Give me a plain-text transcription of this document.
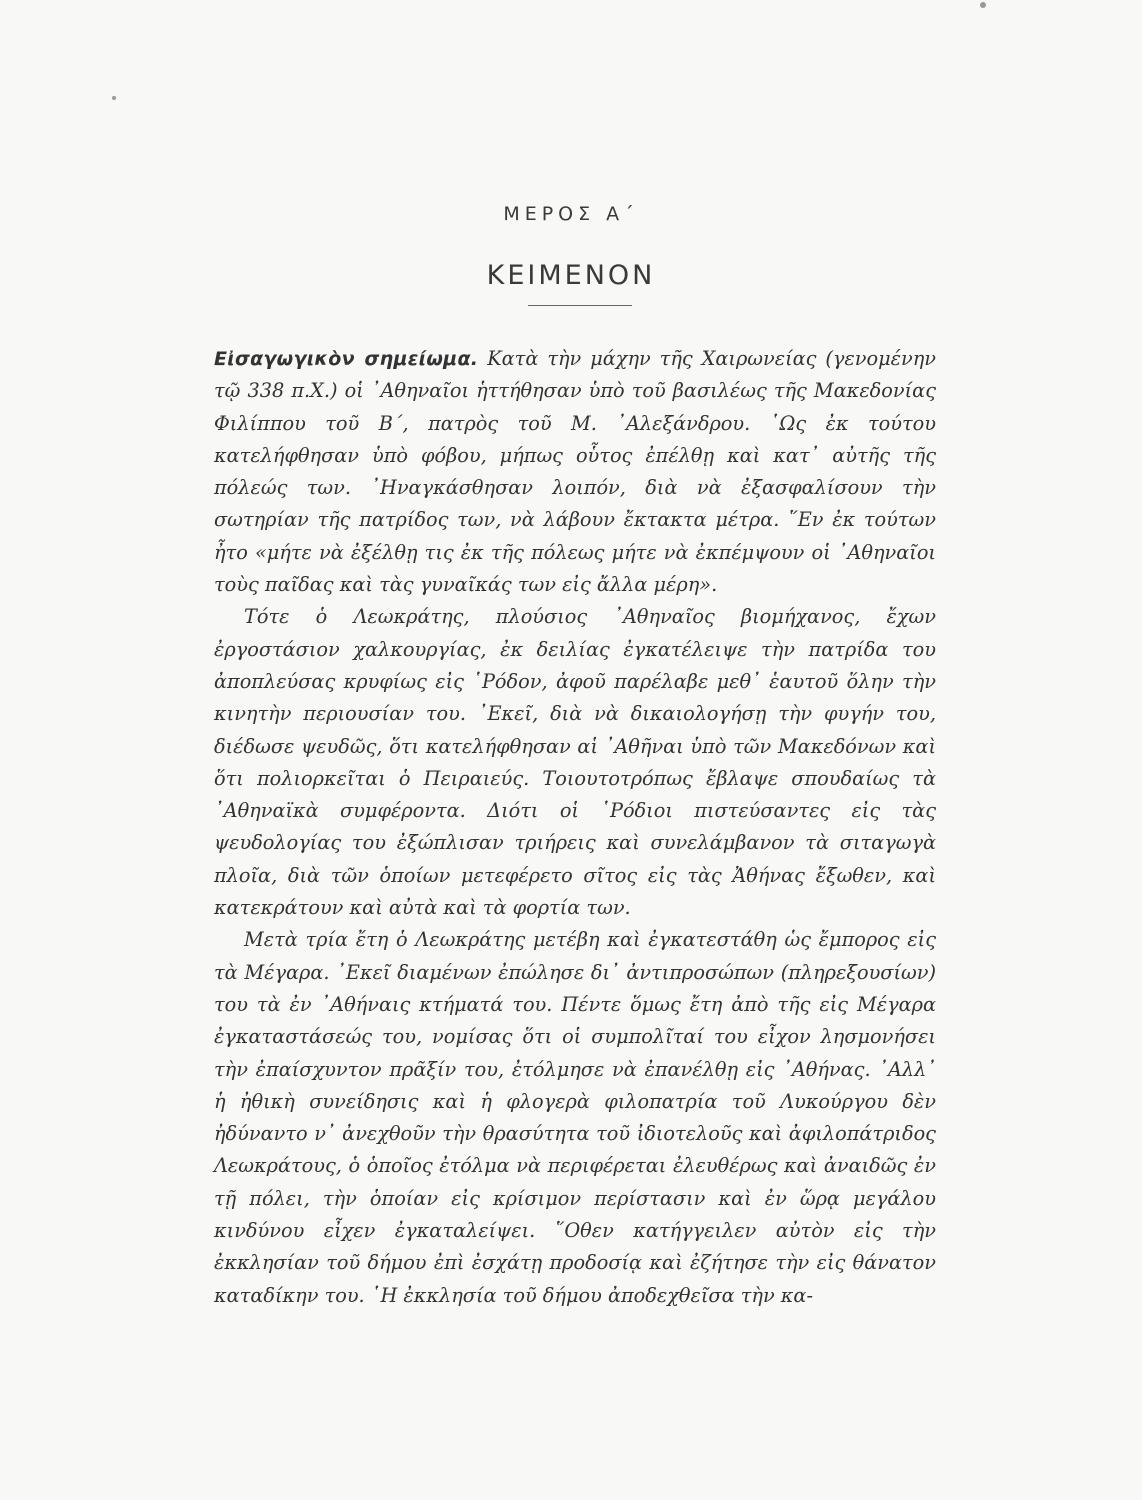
ΜΕΡΟΣ Α΄
ΚΕΙΜΕΝΟΝ

Εἰσαγωγικὸν σημείωμα. Κατὰ τὴν μάχην τῆς Χαιρωνείας (γενομένην τῷ 338 π.Χ.) οἱ ᾿Αθηναῖοι ἡττήθησαν ὑπὸ τοῦ βασιλέως τῆς Μακεδονίας Φιλίππου τοῦ Β΄, πατρὸς τοῦ Μ. ᾿Αλεξάνδρου. ῾Ως ἐκ τούτου κατελήφθησαν ὑπὸ φόβου, μήπως οὗτος ἐπέλθῃ καὶ κατ᾿ αὐτῆς τῆς πόλεώς των. ᾿Ηναγκάσθησαν λοιπόν, διὰ νὰ ἐξασφαλίσουν τὴν σωτηρίαν τῆς πατρίδος των, νὰ λάβουν ἔκτακτα μέτρα. ῞Εν ἐκ τούτων ἦτο «μήτε νὰ ἐξέλθῃ τις ἐκ τῆς πόλεως μήτε νὰ ἐκπέμψουν οἱ ᾿Αθηναῖοι τοὺς παῖδας καὶ τὰς γυναῖκάς των εἰς ἄλλα μέρη».

Τότε ὁ Λεωκράτης, πλούσιος ᾿Αθηναῖος βιομήχανος, ἔχων ἐργοστάσιον χαλκουργίας, ἐκ δειλίας ἐγκατέλειψε τὴν πατρίδα του ἀποπλεύσας κρυφίως εἰς ῾Ρόδον, ἀφοῦ παρέλαβε μεθ᾿ ἑαυτοῦ ὅλην τὴν κινητὴν περιουσίαν του. ᾿Εκεῖ, διὰ νὰ δικαιολογήσῃ τὴν φυγήν του, διέδωσε ψευδῶς, ὅτι κατελήφθησαν αἱ ᾿Αθῆναι ὑπὸ τῶν Μακεδόνων καὶ ὅτι πολιορκεῖται ὁ Πειραιεύς. Τοιουτοτρόπως ἔβλαψε σπουδαίως τὰ ᾿Αθηναϊκὰ συμφέροντα. Διότι οἱ ῾Ρόδιοι πιστεύσαντες εἰς τὰς ψευδολογίας του ἐξώπλισαν τριήρεις καὶ συνελάμβανον τὰ σιταγωγὰ πλοῖα, διὰ τῶν ὁποίων μετεφέρετο σῖτος εἰς τὰς Ἀθήνας ἔξωθεν, καὶ κατεκράτουν καὶ αὐτὰ καὶ τὰ φορτία των.

Μετὰ τρία ἔτη ὁ Λεωκράτης μετέβη καὶ ἐγκατεστάθη ὡς ἔμπορος εἰς τὰ Μέγαρα. ᾿Εκεῖ διαμένων ἐπώλησε δι᾿ ἀντιπροσώπων (πληρεξουσίων) του τὰ ἐν ᾿Αθήναις κτήματά του. Πέντε ὅμως ἔτη ἀπὸ τῆς εἰς Μέγαρα ἐγκαταστάσεώς του, νομίσας ὅτι οἱ συμπολῖταί του εἶχον λησμονήσει τὴν ἐπαίσχυντον πρᾶξίν του, ἐτόλμησε νὰ ἐπανέλθῃ εἰς ᾿Αθήνας. ᾿Αλλ᾿ ἡ ἠθικὴ συνείδησις καὶ ἡ φλογερὰ φιλοπατρία τοῦ Λυκούργου δὲν ἠδύναντο ν᾿ ἀνεχθοῦν τὴν θρασύτητα τοῦ ἰδιοτελοῦς καὶ ἀφιλοπάτριδος Λεωκράτους, ὁ ὁποῖος ἐτόλμα νὰ περιφέρεται ἐλευθέρως καὶ ἀναιδῶς ἐν τῇ πόλει, τὴν ὁποίαν εἰς κρίσιμον περίστασιν καὶ ἐν ὥρᾳ μεγάλου κινδύνου εἶχεν ἐγκαταλείψει. ῞Οθεν κατήγγειλεν αὐτὸν εἰς τὴν ἐκκλησίαν τοῦ δήμου ἐπὶ ἐσχάτῃ προδοσίᾳ καὶ ἐζήτησε τὴν εἰς θάνατον καταδίκην του. ῾Η ἐκκλησία τοῦ δήμου ἀποδεχθεῖσα τὴν κα-
